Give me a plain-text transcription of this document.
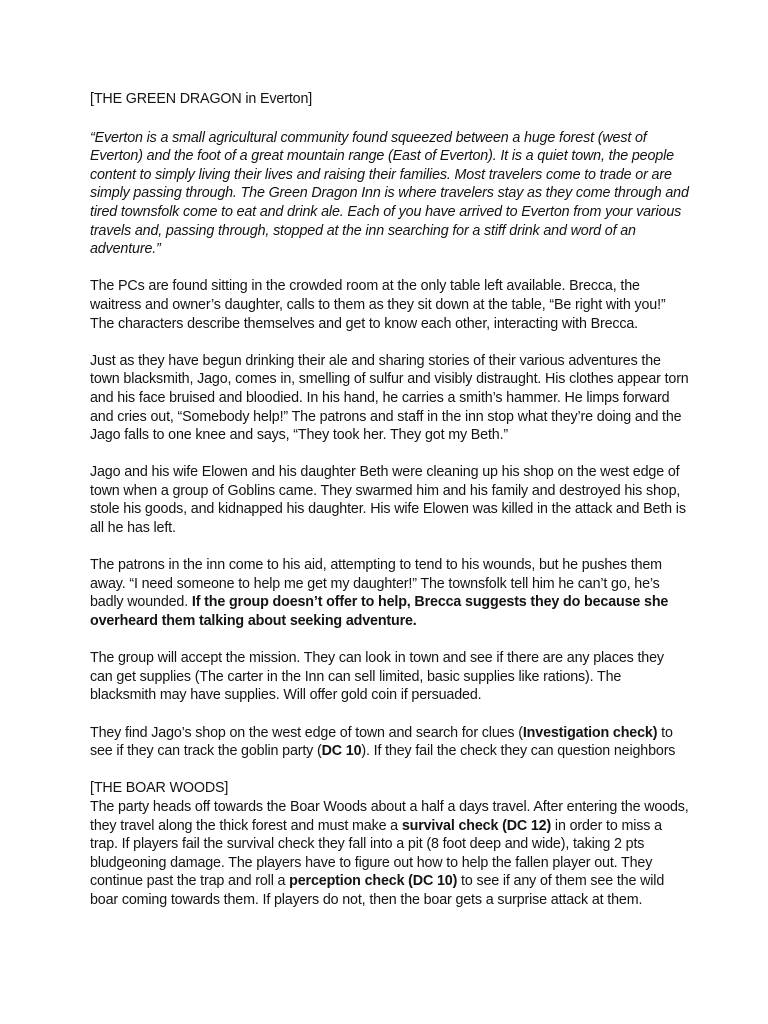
[THE GREEN DRAGON in Everton]

“Everton is a small agricultural community found squeezed between a huge forest (west of Everton) and the foot of a great mountain range (East of Everton). It is a quiet town, the people content to simply living their lives and raising their families. Most travelers come to trade or are simply passing through. The Green Dragon Inn is where travelers stay as they come through and tired townsfolk come to eat and drink ale. Each of you have arrived to Everton from your various travels and, passing through, stopped at the inn searching for a stiff drink and word of an adventure.”

The PCs are found sitting in the crowded room at the only table left available. Brecca, the waitress and owner’s daughter, calls to them as they sit down at the table, “Be right with you!” The characters describe themselves and get to know each other, interacting with Brecca.

Just as they have begun drinking their ale and sharing stories of their various adventures the town blacksmith, Jago, comes in, smelling of sulfur and visibly distraught. His clothes appear torn and his face bruised and bloodied. In his hand, he carries a smith’s hammer. He limps forward and cries out, “Somebody help!” The patrons and staff in the inn stop what they’re doing and the Jago falls to one knee and says, “They took her. They got my Beth.”

Jago and his wife Elowen and his daughter Beth were cleaning up his shop on the west edge of town when a group of Goblins came. They swarmed him and his family and destroyed his shop, stole his goods, and kidnapped his daughter. His wife Elowen was killed in the attack and Beth is all he has left.

The patrons in the inn come to his aid, attempting to tend to his wounds, but he pushes them away. “I need someone to help me get my daughter!” The townsfolk tell him he can’t go, he’s badly wounded. If the group doesn’t offer to help, Brecca suggests they do because she overheard them talking about seeking adventure.

The group will accept the mission. They can look in town and see if there are any places they can get supplies (The carter in the Inn can sell limited, basic supplies like rations). The blacksmith may have supplies. Will offer gold coin if persuaded.

They find Jago’s shop on the west edge of town and search for clues (Investigation check) to see if they can track the goblin party (DC 10). If they fail the check they can question neighbors

[THE BOAR WOODS]

The party heads off towards the Boar Woods about a half a days travel. After entering the woods, they travel along the thick forest and must make a survival check (DC 12) in order to miss a trap. If players fail the survival check they fall into a pit (8 foot deep and wide), taking 2 pts bludgeoning damage. The players have to figure out how to help the fallen player out. They continue past the trap and roll a perception check (DC 10) to see if any of them see the wild boar coming towards them. If players do not, then the boar gets a surprise attack at them.
